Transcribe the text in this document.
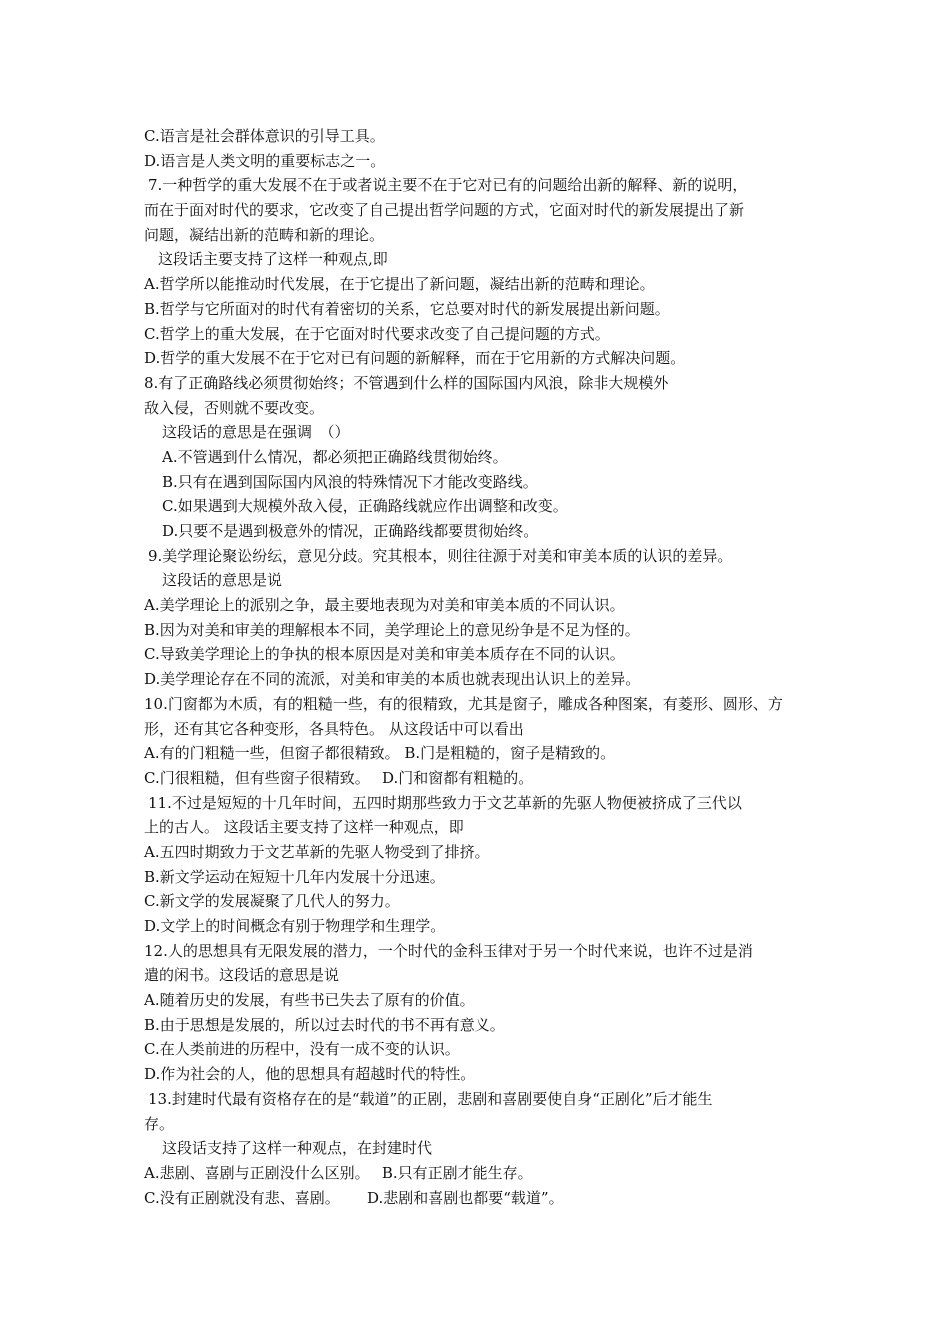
C.语言是社会群体意识的引导工具。
D.语言是人类文明的重要标志之一。
7.一种哲学的重大发展不在于或者说主要不在于它对已有的问题给出新的解释、新的说明，
而在于面对时代的要求，它改变了自己提出哲学问题的方式，它面对时代的新发展提出了新
问题，凝结出新的范畴和新的理论。
这段话主要支持了这样一种观点,即
A.哲学所以能推动时代发展，在于它提出了新问题，凝结出新的范畴和理论。
B.哲学与它所面对的时代有着密切的关系，它总要对时代的新发展提出新问题。
C.哲学上的重大发展，在于它面对时代要求改变了自己提问题的方式。
D.哲学的重大发展不在于它对已有问题的新解释，而在于它用新的方式解决问题。
8.有了正确路线必须贯彻始终；不管遇到什么样的国际国内风浪，除非大规模外
敌入侵，否则就不要改变。
这段话的意思是在强调　（）
A.不管遇到什么情况，都必须把正确路线贯彻始终。
B.只有在遇到国际国内风浪的特殊情况下才能改变路线。
C.如果遇到大规模外敌入侵，正确路线就应作出调整和改变。
D.只要不是遇到极意外的情况，正确路线都要贯彻始终。
9.美学理论聚讼纷纭，意见分歧。究其根本，则往往源于对美和审美本质的认识的差异。
这段话的意思是说
A.美学理论上的派别之争，最主要地表现为对美和审美本质的不同认识。
B.因为对美和审美的理解根本不同，美学理论上的意见纷争是不足为怪的。
C.导致美学理论上的争执的根本原因是对美和审美本质存在不同的认识。
D.美学理论存在不同的流派，对美和审美的本质也就表现出认识上的差异。
10.门窗都为木质，有的粗糙一些，有的很精致，尤其是窗子，雕成各种图案，有菱形、圆形、方
形，还有其它各种变形，各具特色。 从这段话中可以看出
A.有的门粗糙一些，但窗子都很精致。 B.门是粗糙的，窗子是精致的。
C.门很粗糙，但有些窗子很精致。　 D.门和窗都有粗糙的。
11.不过是短短的十几年时间，五四时期那些致力于文艺革新的先驱人物便被挤成了三代以
上的古人。 这段话主要支持了这样一种观点，即
A.五四时期致力于文艺革新的先驱人物受到了排挤。
B.新文学运动在短短十几年内发展十分迅速。
C.新文学的发展凝聚了几代人的努力。
D.文学上的时间概念有别于物理学和生理学。
12.人的思想具有无限发展的潜力，一个时代的金科玉律对于另一个时代来说，也许不过是消
遣的闲书。这段话的意思是说
A.随着历史的发展，有些书已失去了原有的价值。
B.由于思想是发展的，所以过去时代的书不再有意义。
C.在人类前进的历程中，没有一成不变的认识。
D.作为社会的人，他的思想具有超越时代的特性。
13.封建时代最有资格存在的是“载道”的正剧，悲剧和喜剧要使自身“正剧化”后才能生
存。
这段话支持了这样一种观点，在封建时代
A.悲剧、喜剧与正剧没什么区别。　 B.只有正剧才能生存。
C.没有正剧就没有悲、喜剧。　　 D.悲剧和喜剧也都要“载道”。
